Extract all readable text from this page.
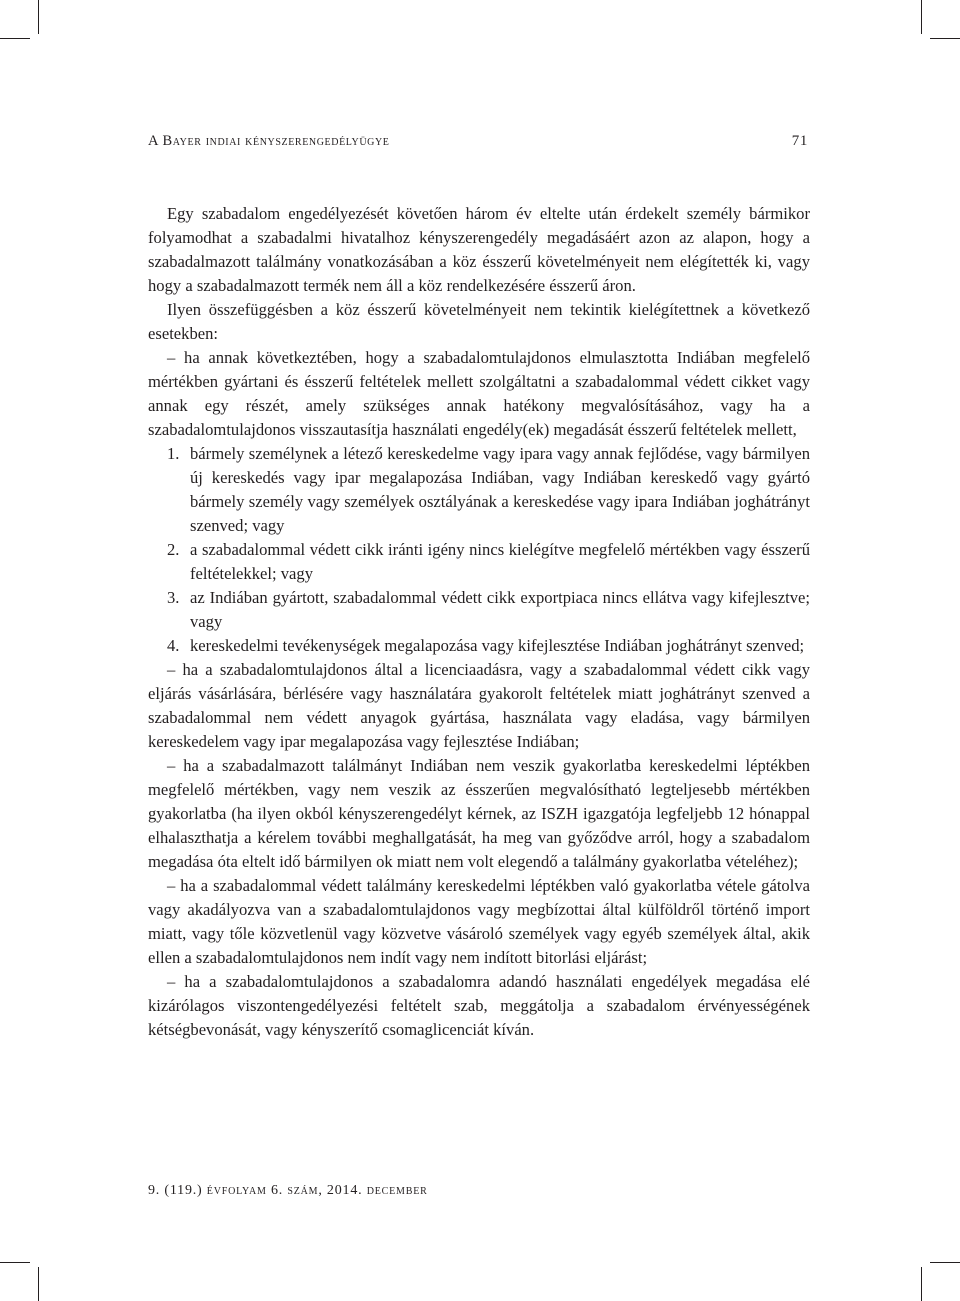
A Bayer indiai kényszerengedélyügye	71

Egy szabadalom engedélyezését követően három év eltelte után érdekelt személy bármikor folyamodhat a szabadalmi hivatalhoz kényszerengedély megadásáért azon az alapon, hogy a szabadalmazott találmány vonatkozásában a köz ésszerű követelményeit nem elégítették ki, vagy hogy a szabadalmazott termék nem áll a köz rendelkezésére ésszerű áron.

Ilyen összefüggésben a köz ésszerű követelményeit nem tekintik kielégítettnek a következő esetekben:

– ha annak következtében, hogy a szabadalomtulajdonos elmulasztotta Indiában megfelelő mértékben gyártani és ésszerű feltételek mellett szolgáltatni a szabadalommal védett cikket vagy annak egy részét, amely szükséges annak hatékony megvalósításához, vagy ha a szabadalomtulajdonos visszautasítja használati engedély(ek) megadását ésszerű feltételek mellett,

1. bármely személynek a létező kereskedelme vagy ipara vagy annak fejlődése, vagy bármilyen új kereskedés vagy ipar megalapozása Indiában, vagy Indiában kereskedő vagy gyártó bármely személy vagy személyek osztályának a kereskedése vagy ipara Indiában joghátrányt szenved; vagy

2. a szabadalommal védett cikk iránti igény nincs kielégítve megfelelő mértékben vagy ésszerű feltételekkel; vagy

3. az Indiában gyártott, szabadalommal védett cikk exportpiaca nincs ellátva vagy kifejlesztve; vagy

4. kereskedelmi tevékenységek megalapozása vagy kifejlesztése Indiában joghátrányt szenved;

– ha a szabadalomtulajdonos által a licenciaadásra, vagy a szabadalommal védett cikk vagy eljárás vásárlására, bérlésére vagy használatára gyakorolt feltételek miatt joghátrányt szenved a szabadalommal nem védett anyagok gyártása, használata vagy eladása, vagy bármilyen kereskedelem vagy ipar megalapozása vagy fejlesztése Indiában;

– ha a szabadalmazott találmányt Indiában nem veszik gyakorlatba kereskedelmi léptékben megfelelő mértékben, vagy nem veszik az ésszerűen megvalósítható legteljesebb mértékben gyakorlatba (ha ilyen okból kényszerengedélyt kérnek, az ISZH igazgatója legfeljebb 12 hónappal elhalaszthatja a kérelem további meghallgatását, ha meg van győződve arról, hogy a szabadalom megadása óta eltelt idő bármilyen ok miatt nem volt elegendő a találmány gyakorlatba vételéhez);

– ha a szabadalommal védett találmány kereskedelmi léptékben való gyakorlatba vétele gátolva vagy akadályozva van a szabadalomtulajdonos vagy megbízottai által külföldről történő import miatt, vagy tőle közvetlenül vagy közvetve vásároló személyek vagy egyéb személyek által, akik ellen a szabadalomtulajdonos nem indít vagy nem indított bitorlási eljárást;

– ha a szabadalomtulajdonos a szabadalomra adandó használati engedélyek megadása elé kizárólagos viszontengedélyezési feltételt szab, meggátolja a szabadalom érvényességének kétségbevonását, vagy kényszerítő csomaglicenciát kíván.

9. (119.) évfolyam 6. szám, 2014. december
